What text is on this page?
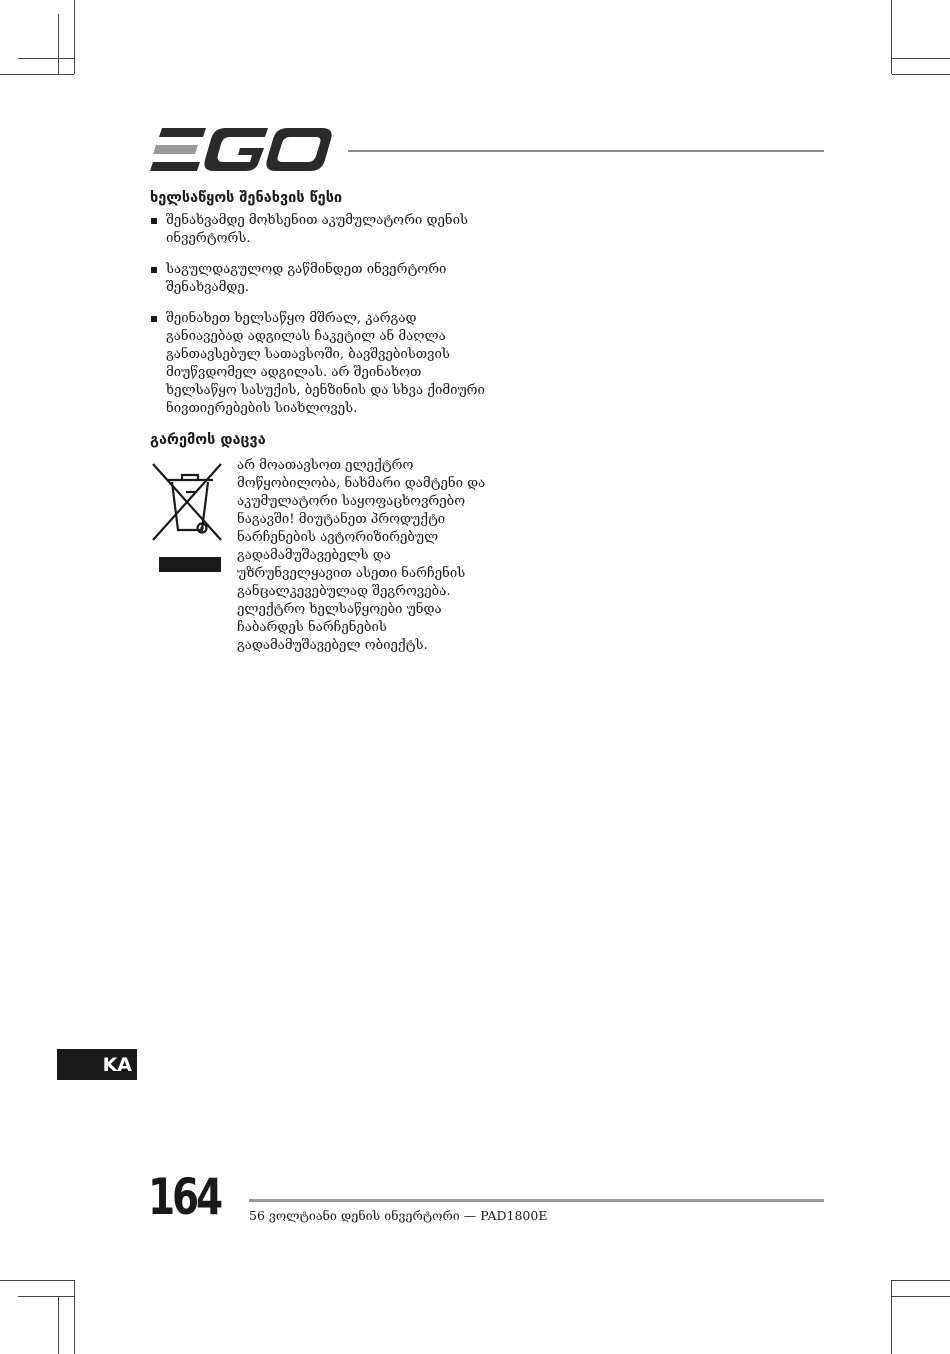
ხელსაწყოს შენახვის წესი
შენახვამდე მოხსენით აკუმულატორი დენის ინვერტორს.
საგულდაგულოდ გაწმინდეთ ინვერტორი შენახვამდე.
შეინახეთ ხელსაწყო მშრალ, კარგად განიავებად ადგილას ჩაკეტილ ან მაღლა განთავსებულ სათავსოში, ბავშვებისთვის მიუწვდომელ ადგილას. არ შეინახოთ ხელსაწყო სასუქის, ბენზინის და სხვა ქიმიური ნივთიერებების სიახლოვეს.
გარემოს დაცვა

არ მოათავსოთ ელექტრო მოწყობილობა, ნახმარი დამტენი და აკუმულატორი საყოფაცხოვრებო ნაგავში! მიუტანეთ პროდუქტი ნარჩენების ავტორიზირებულ გადამამუშავებელს და უზრუნველყავით ასეთი ნარჩენის განცალკევებულად შეგროვება. ელექტრო ხელსაწყოები უნდა ჩაბარდეს ნარჩენების გადამამუშავებელ ობიექტს.

KA
164 56 ვოლტიანი დენის ინვერტორი — PAD1800E
